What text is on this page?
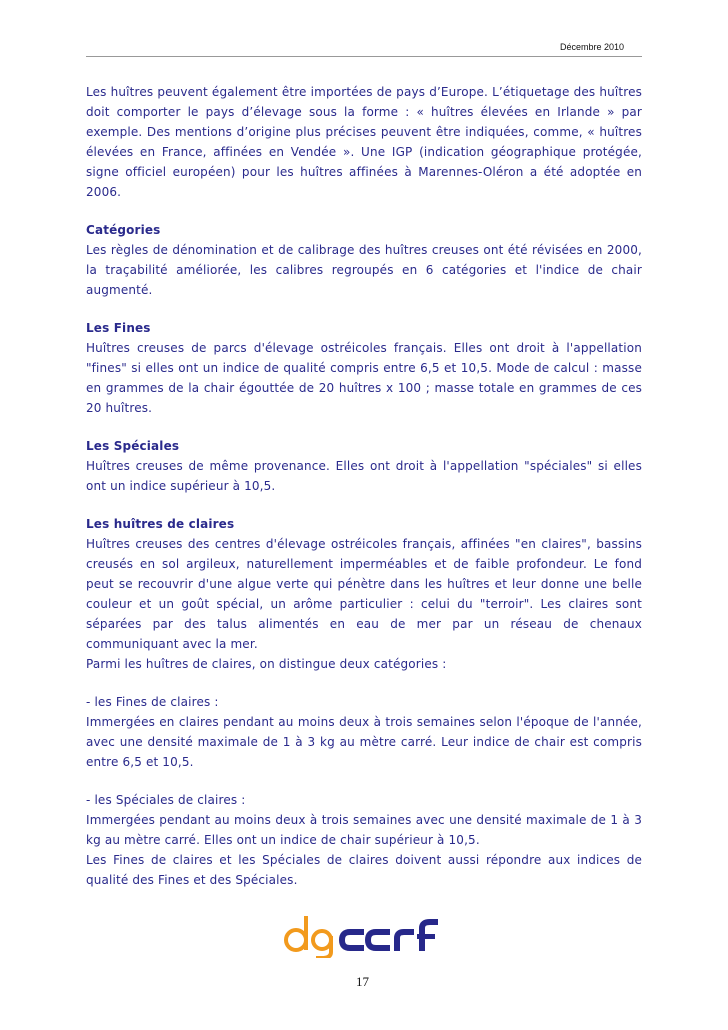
Décembre 2010

Les huîtres peuvent également être importées de pays d’Europe. L’étiquetage des huîtres doit comporter le pays d’élevage sous la forme : « huîtres élevées en Irlande » par exemple. Des mentions d’origine plus précises peuvent être indiquées, comme, « huîtres élevées en France, affinées en Vendée ». Une IGP (indication géographique protégée, signe officiel européen) pour les huîtres affinées à Marennes-Oléron a été adoptée en 2006.

Catégories

Les règles de dénomination et de calibrage des huîtres creuses ont été révisées en 2000, la traçabilité améliorée, les calibres regroupés en 6 catégories et l'indice de chair augmenté.

Les Fines

Huîtres creuses de parcs d'élevage ostréicoles français. Elles ont droit à l'appellation "fines" si elles ont un indice de qualité compris entre 6,5 et 10,5. Mode de calcul : masse en grammes de la chair égouttée de 20 huîtres x 100 ; masse totale en grammes de ces 20 huîtres.

Les Spéciales

Huîtres creuses de même provenance. Elles ont droit à l'appellation "spéciales" si elles ont un indice supérieur à 10,5.

Les huîtres de claires

Huîtres creuses des centres d'élevage ostréicoles français, affinées "en claires", bassins creusés en sol argileux, naturellement imperméables et de faible profondeur. Le fond peut se recouvrir d'une algue verte qui pénètre dans les huîtres et leur donne une belle couleur et un goût spécial, un arôme particulier : celui du "terroir". Les claires sont séparées par des talus alimentés en eau de mer par un réseau de chenaux communiquant avec la mer.

Parmi les huîtres de claires, on distingue deux catégories :

- les Fines de claires :

Immergées en claires pendant au moins deux à trois semaines selon l'époque de l'année, avec une densité maximale de 1 à 3 kg au mètre carré. Leur indice de chair est compris entre 6,5 et 10,5.

- les Spéciales de claires :

Immergées pendant au moins deux à trois semaines avec une densité maximale de 1 à 3 kg au mètre carré. Elles ont un indice de chair supérieur à 10,5.

Les Fines de claires et les Spéciales de claires doivent aussi répondre aux indices de qualité des Fines et des Spéciales.

17
